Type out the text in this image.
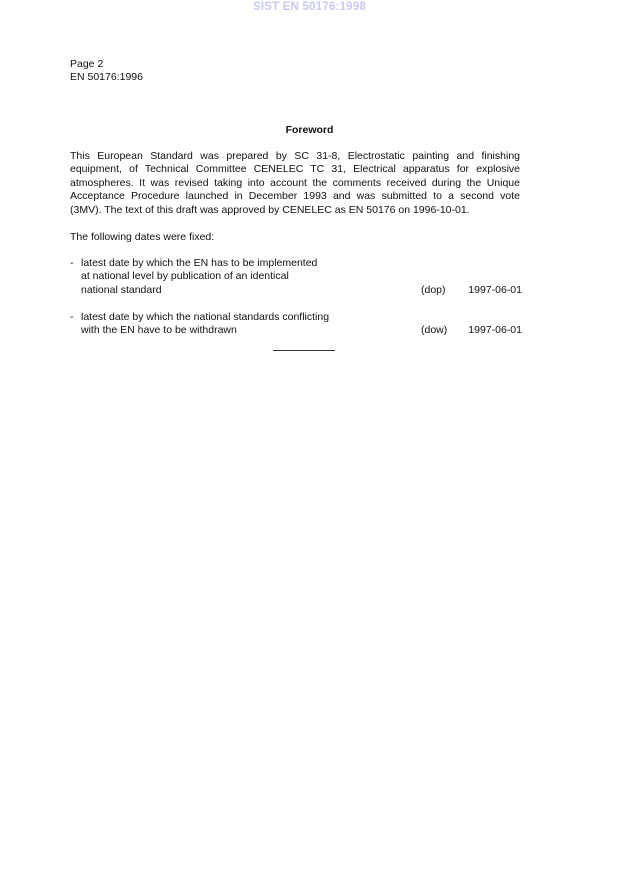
SIST EN 50176:1998
Page 2
EN 50176:1996
Foreword
This European Standard was prepared by SC 31-8, Electrostatic painting and finishing
equipment, of Technical Committee CENELEC TC 31, Electrical apparatus for explosive
atmospheres. It was revised taking into account the comments received during the Unique
Acceptance Procedure launched in December 1993 and was submitted to a second vote
(3MV). The text of this draft was approved by CENELEC as EN 50176 on 1996-10-01.
The following dates were fixed:
- latest date by which the EN has to be implemented
at national level by publication of an identical
national standard	(dop) 1997-06-01
- latest date by which the national standards conflicting
with the EN have to be withdrawn	(dow) 1997-06-01
